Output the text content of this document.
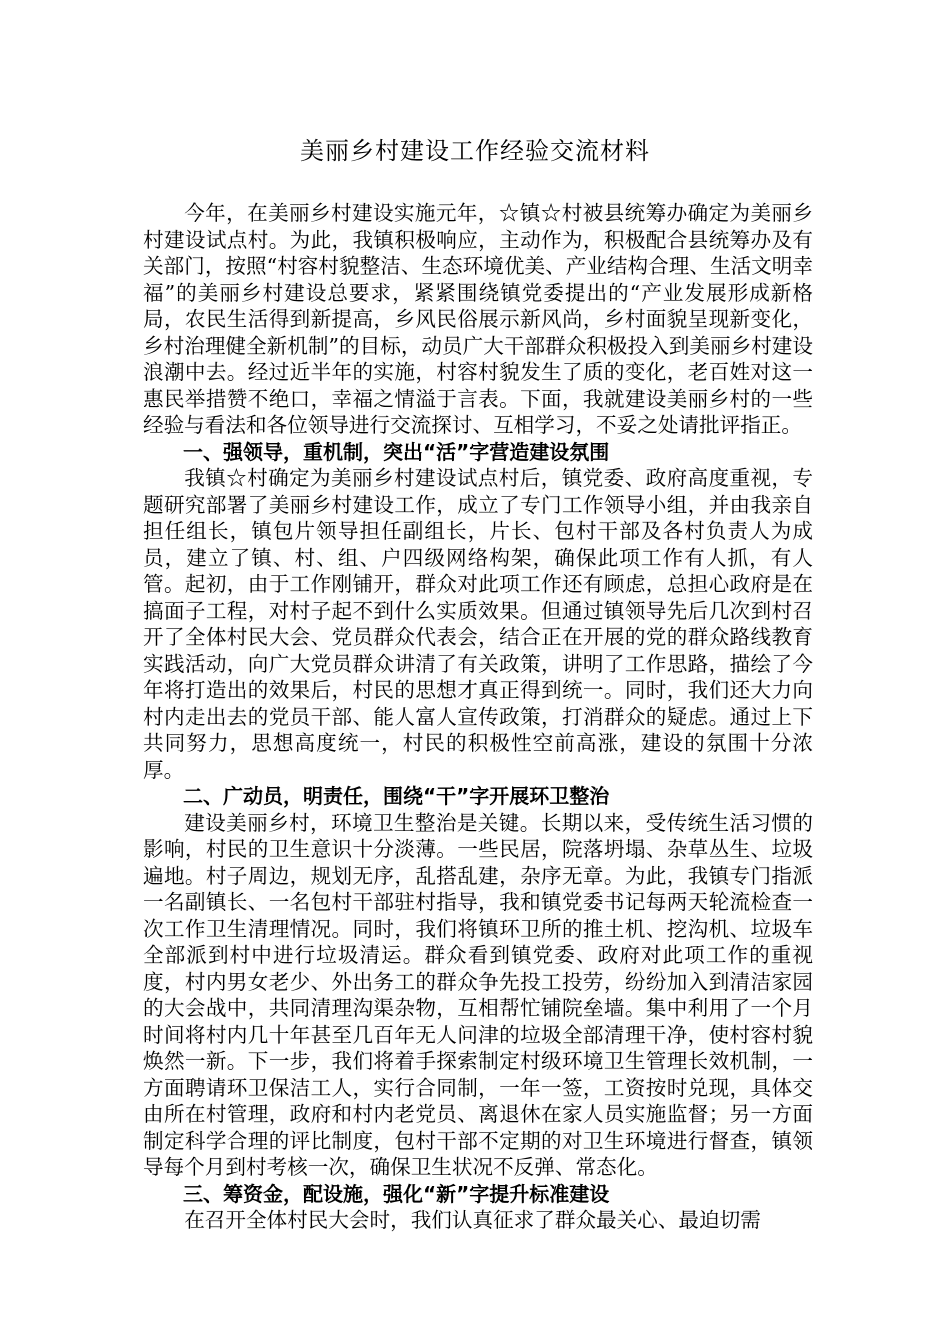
美丽乡村建设工作经验交流材料

今年，在美丽乡村建设实施元年，☆镇☆村被县统筹办确定为美丽乡村建设试点村。为此，我镇积极响应，主动作为，积极配合县统筹办及有关部门，按照“村容村貌整洁、生态环境优美、产业结构合理、生活文明幸福”的美丽乡村建设总要求，紧紧围绕镇党委提出的“产业发展形成新格局，农民生活得到新提高，乡风民俗展示新风尚，乡村面貌呈现新变化，乡村治理健全新机制”的目标，动员广大干部群众积极投入到美丽乡村建设浪潮中去。经过近半年的实施，村容村貌发生了质的变化，老百姓对这一惠民举措赞不绝口，幸福之情溢于言表。下面，我就建设美丽乡村的一些经验与看法和各位领导进行交流探讨、互相学习，不妥之处请批评指正。

一、强领导，重机制，突出“活”字营造建设氛围

我镇☆村确定为美丽乡村建设试点村后，镇党委、政府高度重视，专题研究部署了美丽乡村建设工作，成立了专门工作领导小组，并由我亲自担任组长，镇包片领导担任副组长，片长、包村干部及各村负责人为成员，建立了镇、村、组、户四级网络构架，确保此项工作有人抓，有人管。起初，由于工作刚铺开，群众对此项工作还有顾虑，总担心政府是在搞面子工程，对村子起不到什么实质效果。但通过镇领导先后几次到村召开了全体村民大会、党员群众代表会，结合正在开展的党的群众路线教育实践活动，向广大党员群众讲清了有关政策，讲明了工作思路，描绘了今年将打造出的效果后，村民的思想才真正得到统一。同时，我们还大力向村内走出去的党员干部、能人富人宣传政策，打消群众的疑虑。通过上下共同努力，思想高度统一，村民的积极性空前高涨，建设的氛围十分浓厚。

二、广动员，明责任，围绕“干”字开展环卫整治

建设美丽乡村，环境卫生整治是关键。长期以来，受传统生活习惯的影响，村民的卫生意识十分淡薄。一些民居，院落坍塌、杂草丛生、垃圾遍地。村子周边，规划无序，乱搭乱建，杂序无章。为此，我镇专门指派一名副镇长、一名包村干部驻村指导，我和镇党委书记每两天轮流检查一次工作卫生清理情况。同时，我们将镇环卫所的推土机、挖沟机、垃圾车全部派到村中进行垃圾清运。群众看到镇党委、政府对此项工作的重视度，村内男女老少、外出务工的群众争先投工投劳，纷纷加入到清洁家园的大会战中，共同清理沟渠杂物，互相帮忙铺院垒墙。集中利用了一个月时间将村内几十年甚至几百年无人问津的垃圾全部清理干净，使村容村貌焕然一新。下一步，我们将着手探索制定村级环境卫生管理长效机制，一方面聘请环卫保洁工人，实行合同制，一年一签，工资按时兑现，具体交由所在村管理，政府和村内老党员、离退休在家人员实施监督；另一方面制定科学合理的评比制度，包村干部不定期的对卫生环境进行督查，镇领导每个月到村考核一次，确保卫生状况不反弹、常态化。

三、筹资金，配设施，强化“新”字提升标准建设

在召开全体村民大会时，我们认真征求了群众最关心、最迫切需
